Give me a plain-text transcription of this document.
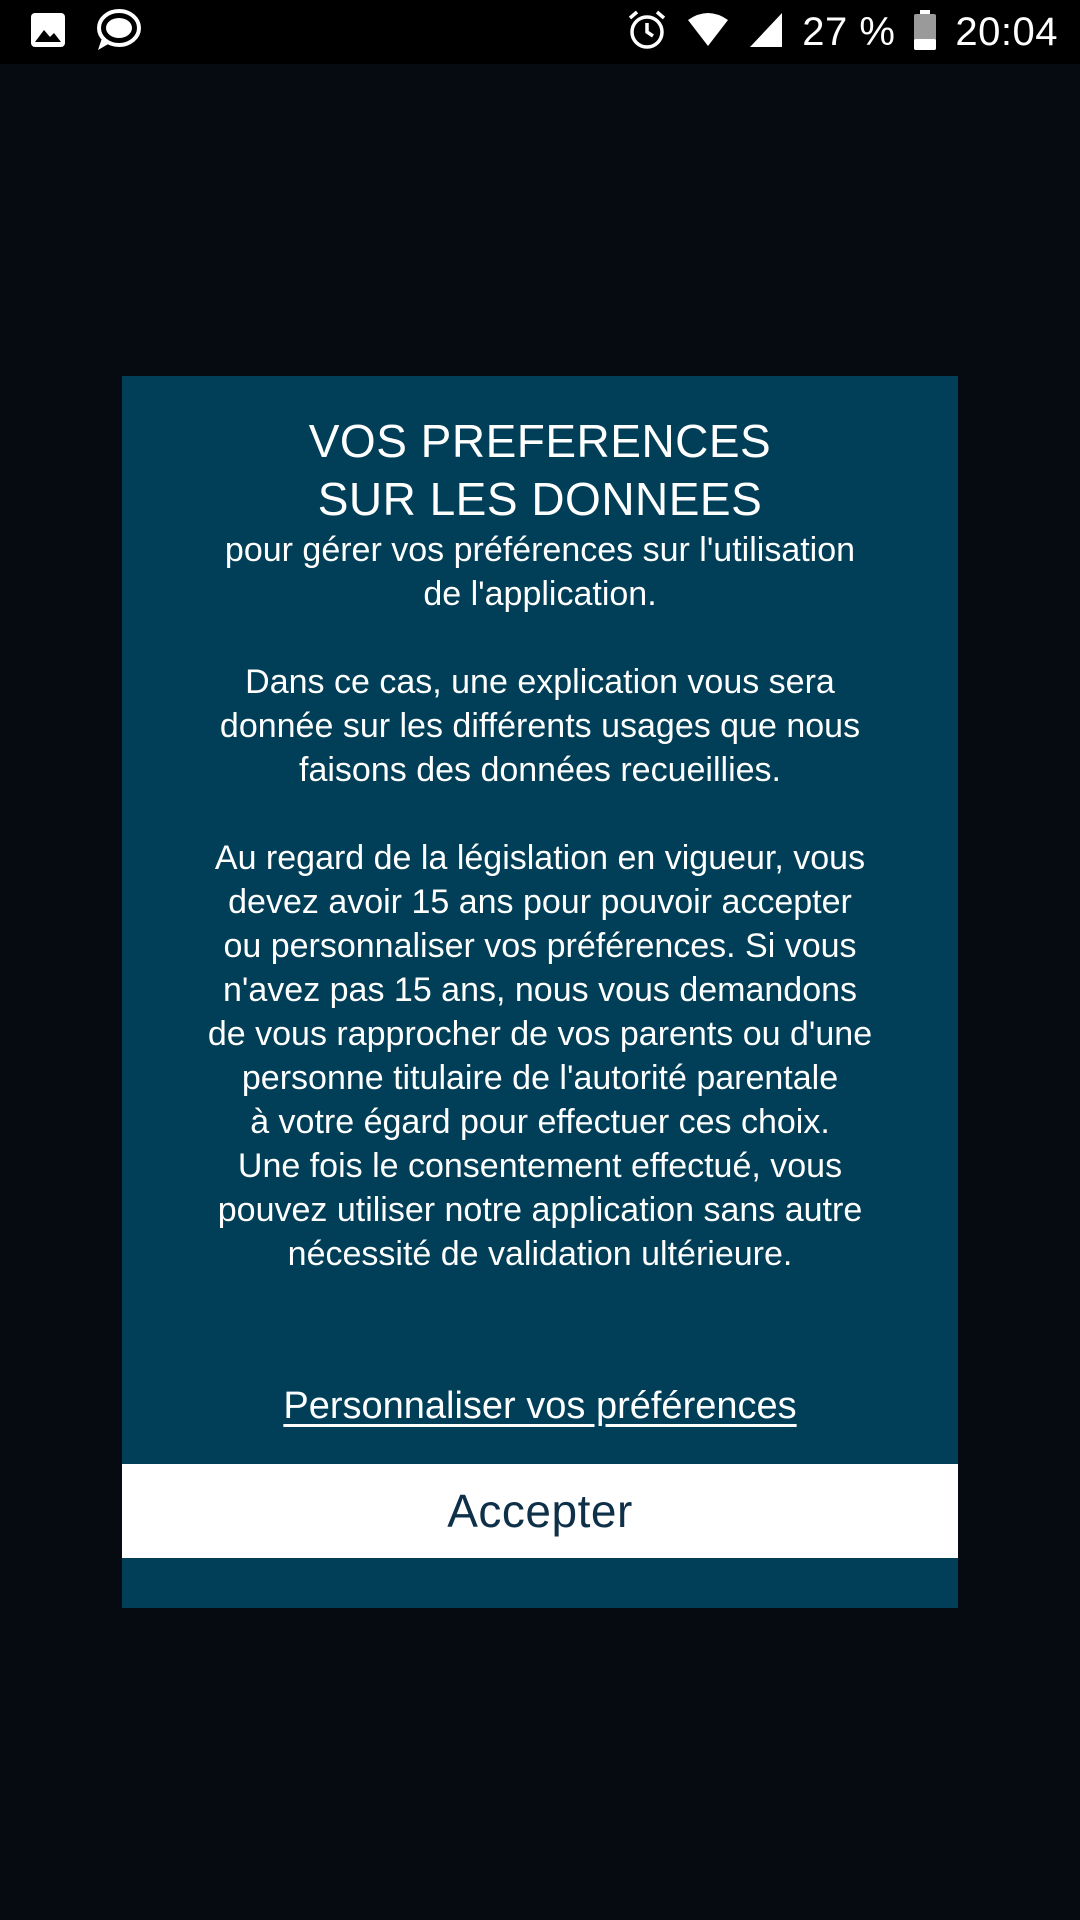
27 % 20:04
VOS PREFERENCES
SUR LES DONNEES

pour gérer vos préférences sur l'utilisation
de l'application.

Dans ce cas, une explication vous sera
donnée sur les différents usages que nous
faisons des données recueillies.

Au regard de la législation en vigueur, vous
devez avoir 15 ans pour pouvoir accepter
ou personnaliser vos préférences. Si vous
n'avez pas 15 ans, nous vous demandons
de vous rapprocher de vos parents ou d'une
personne titulaire de l'autorité parentale
à votre égard pour effectuer ces choix.
Une fois le consentement effectué, vous
pouvez utiliser notre application sans autre
nécessité de validation ultérieure.

Personnaliser vos préférences
Accepter
